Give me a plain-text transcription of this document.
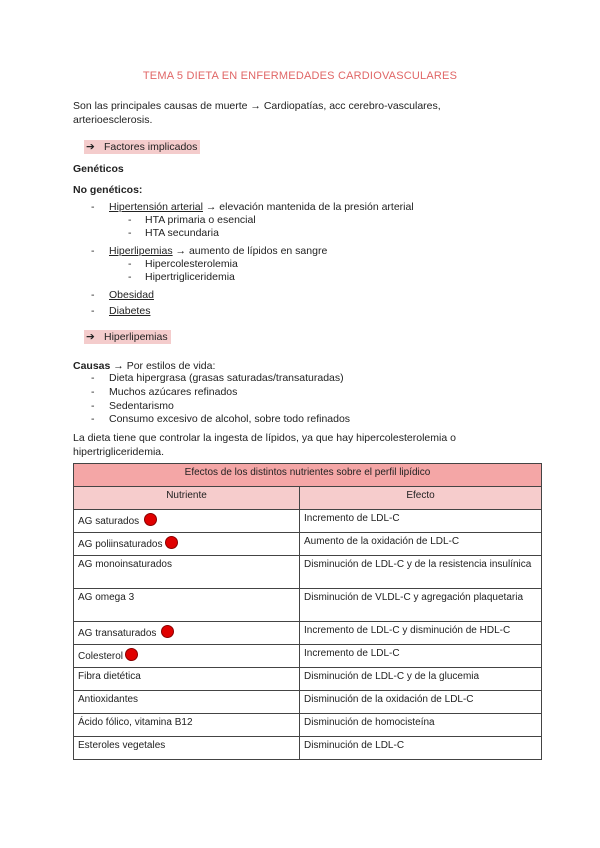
TEMA 5 DIETA EN ENFERMEDADES CARDIOVASCULARES
Son las principales causas de muerte → Cardiopatías, acc cerebro-vasculares,
arterioesclerosis.
➔ Factores implicados
Genéticos
No genéticos:
- Hipertensión arterial → elevación mantenida de la presión arterial
- HTA primaria o esencial
- HTA secundaria
- Hiperlipemias → aumento de lípidos en sangre
- Hipercolesterolemia
- Hipertrigliceridemia
- Obesidad
- Diabetes
➔ Hiperlipemias
Causas → Por estilos de vida:
- Dieta hipergrasa (grasas saturadas/transaturadas)
- Muchos azúcares refinados
- Sedentarismo
- Consumo excesivo de alcohol, sobre todo refinados
La dieta tiene que controlar la ingesta de lípidos, ya que hay hipercolesterolemia o
hipertrigliceridemia.
Efectos de los distintos nutrientes sobre el perfil lipídico	
Nutriente	Efecto
AG saturados	Incremento de LDL-C
AG poliinsaturados	Aumento de la oxidación de LDL-C
AG monoinsaturados	Disminución de LDL-C y de la resistencia insulínica
AG omega 3	Disminución de VLDL-C y agregación plaquetaria
AG transaturados	Incremento de LDL-C y disminución de HDL-C
Colesterol	Incremento de LDL-C
Fibra dietética	Disminución de LDL-C y de la glucemia
Antioxidantes	Disminución de la oxidación de LDL-C
Ácido fólico, vitamina B12	Disminución de homocisteína
Esteroles vegetales	Disminución de LDL-C
